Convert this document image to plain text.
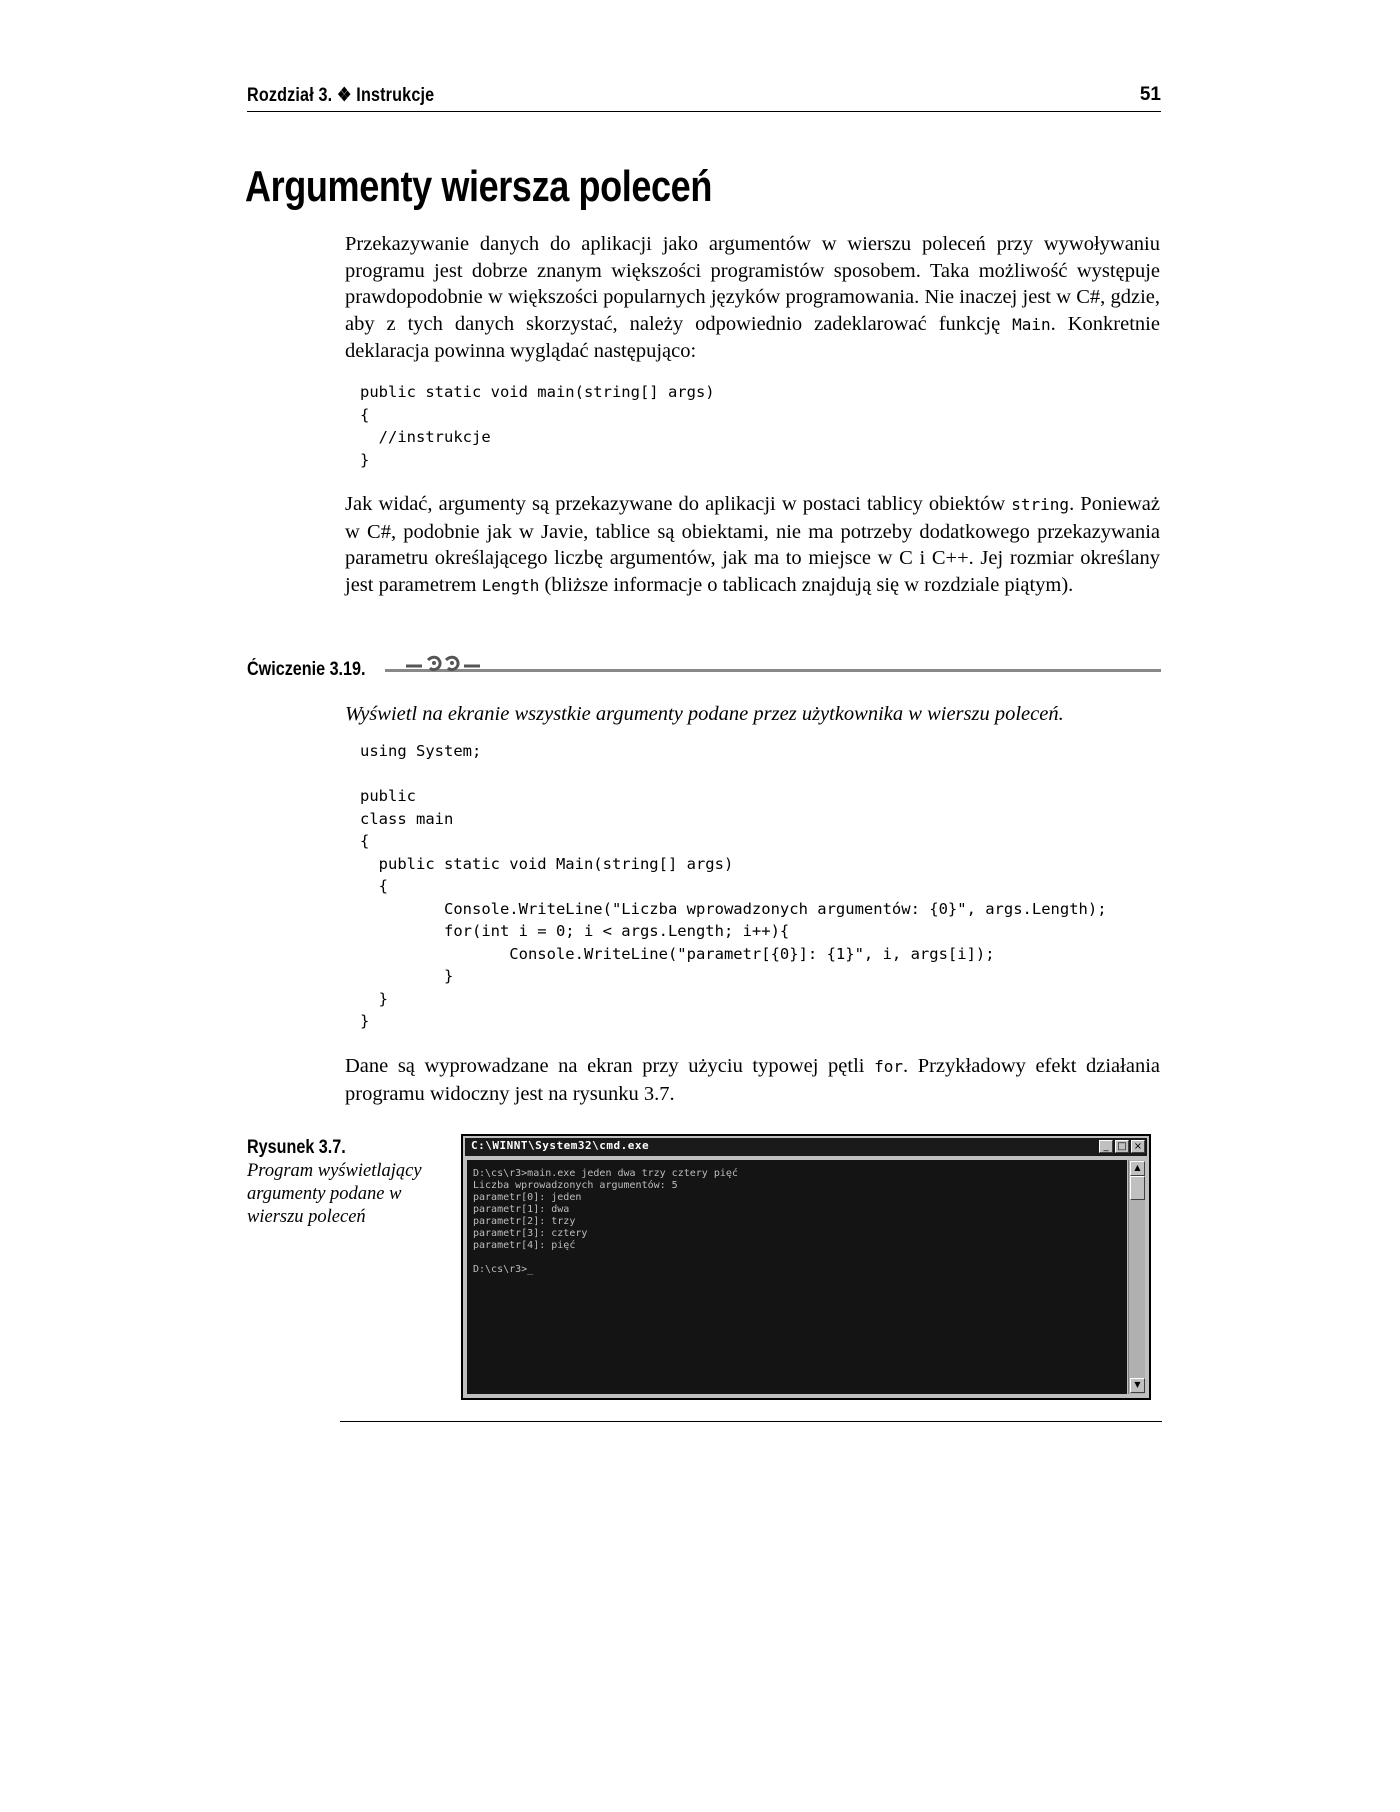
Rozdział 3. ❖ Instrukcje	51
Argumenty wiersza poleceń
Przekazywanie danych do aplikacji jako argumentów w wierszu poleceń przy wywoływaniu programu jest dobrze znanym większości programistów sposobem. Taka możliwość występuje prawdopodobnie w większości popularnych języków programowania. Nie inaczej jest w C#, gdzie, aby z tych danych skorzystać, należy odpowiednio zadeklarować funkcję Main. Konkretnie deklaracja powinna wyglądać następująco:
public static void main(string[] args)
{
//instrukcje
}
Jak widać, argumenty są przekazywane do aplikacji w postaci tablicy obiektów string. Ponieważ w C#, podobnie jak w Javie, tablice są obiektami, nie ma potrzeby dodatkowego przekazywania parametru określającego liczbę argumentów, jak ma to miejsce w C i C++. Jej rozmiar określany jest parametrem Length (bliższe informacje o tablicach znajdują się w rozdziale piątym).
Ćwiczenie 3.19.
Wyświetl na ekranie wszystkie argumenty podane przez użytkownika w wierszu poleceń.
using System;

public
class main
{
public static void Main(string[] args)
{
Console.WriteLine("Liczba wprowadzonych argumentów: {0}", args.Length);
for(int i = 0; i < args.Length; i++){
Console.WriteLine("parametr[{0}]: {1}", i, args[i]);
}
}
}
Dane są wyprowadzane na ekran przy użyciu typowej pętli for. Przykładowy efekt działania programu widoczny jest na rysunku 3.7.
Rysunek 3.7.
Program wyświetlający argumenty podane w wierszu poleceń
C:\WINNT\System32\cmd.exe	_ □ ×
D:\cs\r3>main.exe jeden dwa trzy cztery pięć
Liczba wprowadzonych argumentów: 5
parametr[0]: jeden
parametr[1]: dwa
parametr[2]: trzy
parametr[3]: cztery
parametr[4]: pięć

D:\cs\r3>_
▲
▼
